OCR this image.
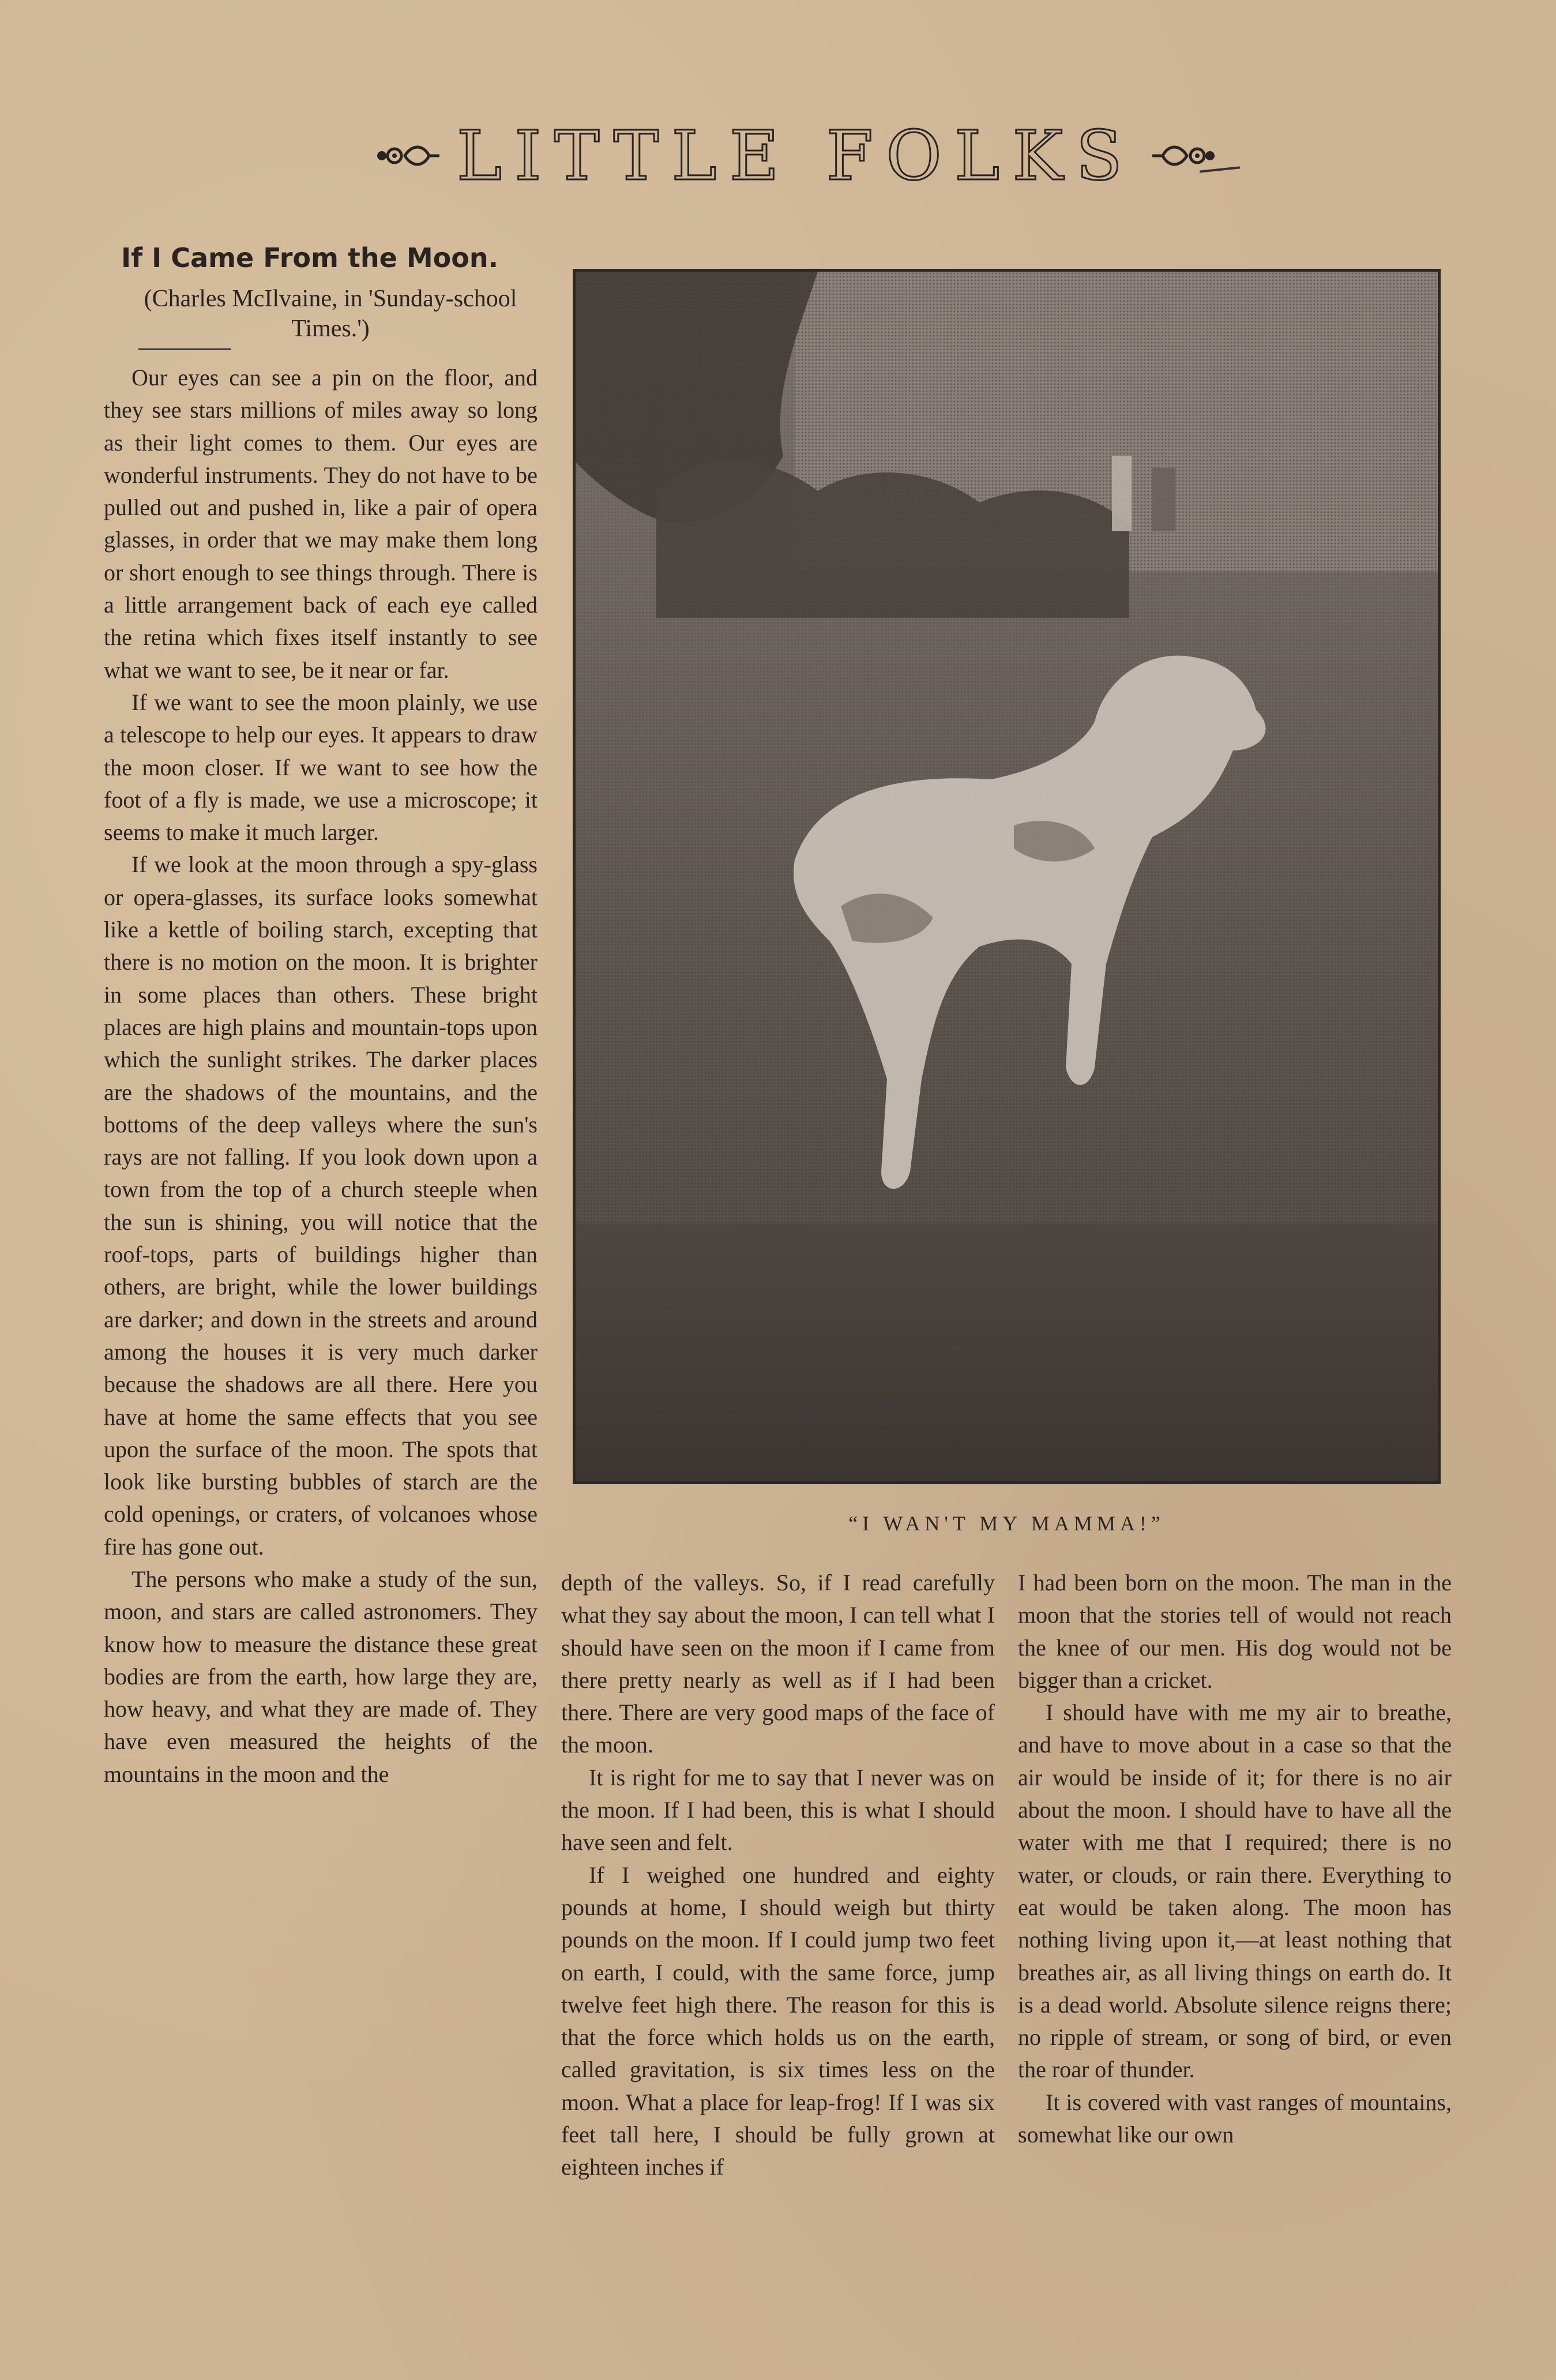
LITTLE FOLKS
If I Came From the Moon.
(Charles McIlvaine, in 'Sunday-school Times.')

Our eyes can see a pin on the floor, and they see stars millions of miles away so long as their light comes to them. Our eyes are wonderful instruments. They do not have to be pulled out and pushed in, like a pair of opera glasses, in order that we may make them long or short enough to see things through. There is a little arrangement back of each eye called the retina which fixes itself instantly to see what we want to see, be it near or far.

If we want to see the moon plainly, we use a telescope to help our eyes. It appears to draw the moon closer. If we want to see how the foot of a fly is made, we use a microscope; it seems to make it much larger.

If we look at the moon through a spy-glass or opera-glasses, its surface looks somewhat like a kettle of boiling starch, excepting that there is no motion on the moon. It is brighter in some places than others. These bright places are high plains and mountain-tops upon which the sunlight strikes. The darker places are the shadows of the mountains, and the bottoms of the deep valleys where the sun's rays are not falling. If you look down upon a town from the top of a church steeple when the sun is shining, you will notice that the roof-tops, parts of buildings higher than others, are bright, while the lower buildings are darker; and down in the streets and around among the houses it is very much darker because the shadows are all there. Here you have at home the same effects that you see upon the surface of the moon. The spots that look like bursting bubbles of starch are the cold openings, or craters, of volcanoes whose fire has gone out.

The persons who make a study of the sun, moon, and stars are called astronomers. They know how to measure the distance these great bodies are from the earth, how large they are, how heavy, and what they are made of. They have even measured the heights of the mountains in the moon and the

“I WAN'T MY MAMMA!”

depth of the valleys. So, if I read carefully what they say about the moon, I can tell what I should have seen on the moon if I came from there pretty nearly as well as if I had been there. There are very good maps of the face of the moon.

It is right for me to say that I never was on the moon. If I had been, this is what I should have seen and felt.

If I weighed one hundred and eighty pounds at home, I should weigh but thirty pounds on the moon. If I could jump two feet on earth, I could, with the same force, jump twelve feet high there. The reason for this is that the force which holds us on the earth, called gravitation, is six times less on the moon. What a place for leap-frog! If I was six feet tall here, I should be fully grown at eighteen inches if

I had been born on the moon. The man in the moon that the stories tell of would not reach the knee of our men. His dog would not be bigger than a cricket.

I should have with me my air to breathe, and have to move about in a case so that the air would be inside of it; for there is no air about the moon. I should have to have all the water with me that I required; there is no water, or clouds, or rain there. Everything to eat would be taken along. The moon has nothing living upon it,—at least nothing that breathes air, as all living things on earth do. It is a dead world. Absolute silence reigns there; no ripple of stream, or song of bird, or even the roar of thunder.

It is covered with vast ranges of mountains, somewhat like our own
